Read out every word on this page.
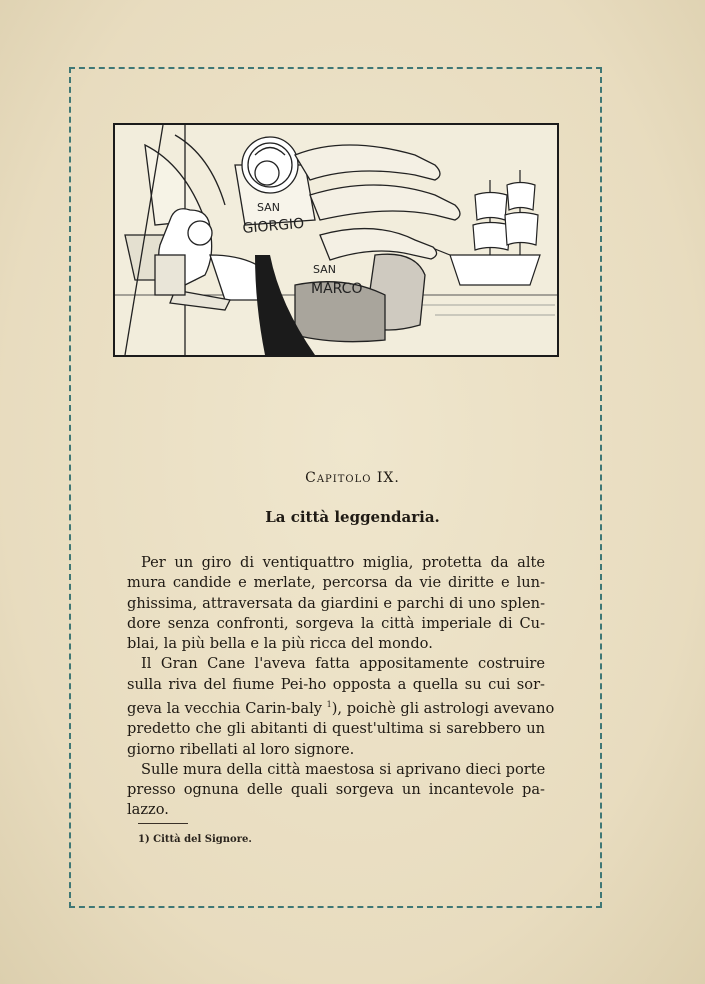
SAN
GIORGIO
SAN
MARCO
Capitolo IX.
La città leggendaria.
Per un giro di ventiquattro miglia, protetta da alte
mura candide e merlate, percorsa da vie diritte e lun-
ghissima, attraversata da giardini e parchi di uno splen-
dore senza confronti, sorgeva la città imperiale di Cu-
blai, la più bella e la più ricca del mondo.
Il Gran Cane l'aveva fatta appositamente costruire
sulla riva del fiume Pei-ho opposta a quella su cui sor-
geva la vecchia Carin-baly $^1$), poichè gli astrologi avevano
predetto che gli abitanti di quest'ultima si sarebbero un
giorno ribellati al loro signore.
Sulle mura della città maestosa si aprivano dieci porte
presso ognuna delle quali sorgeva un incantevole pa-
lazzo.
1) Città del Signore.
